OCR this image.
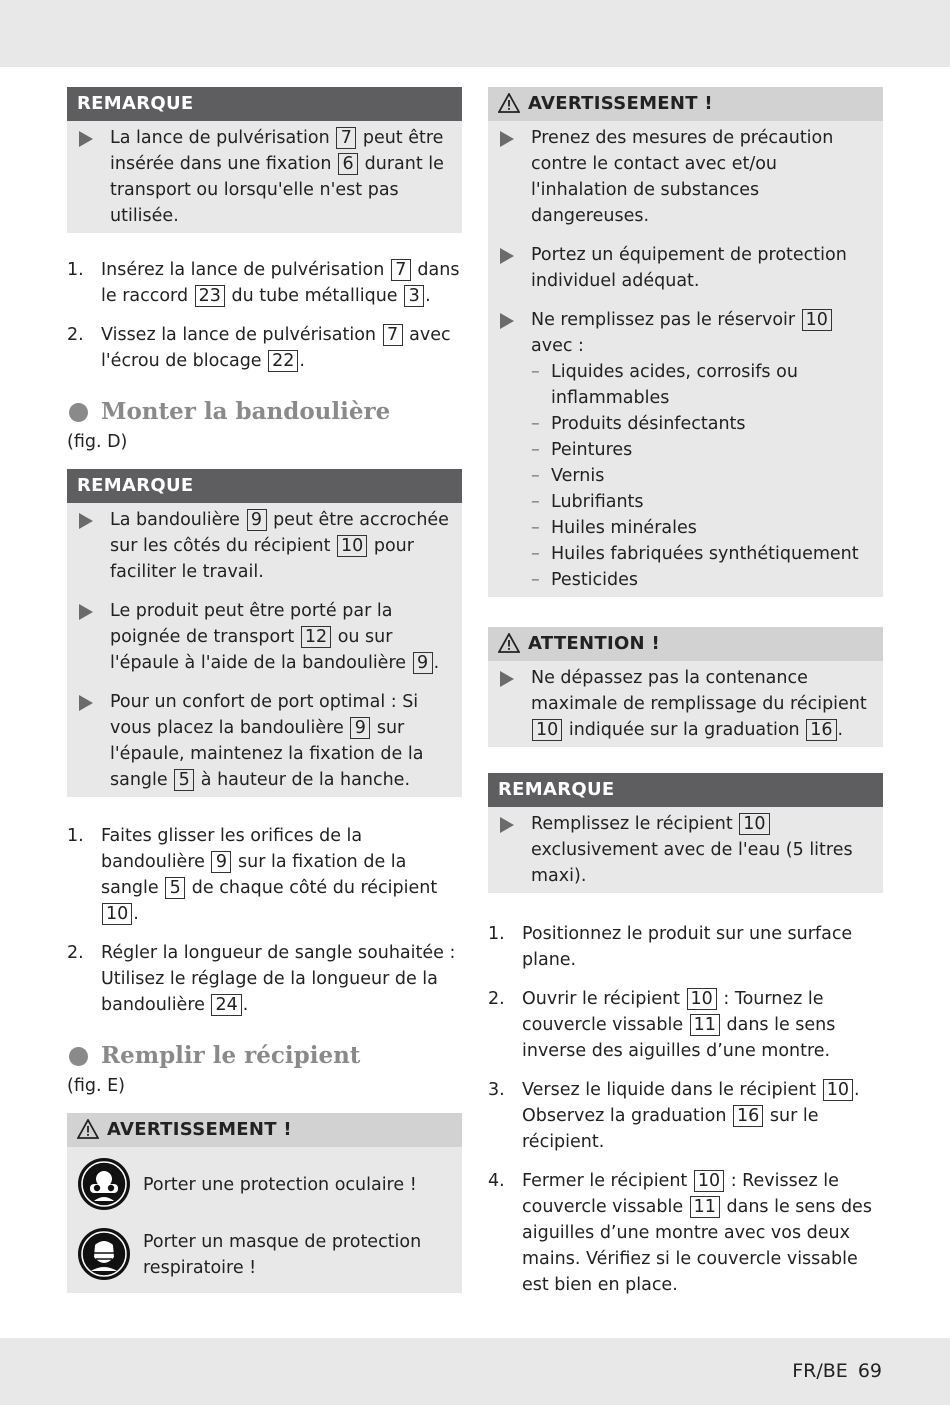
REMARQUE

La lance de pulvérisation 7 peut être insérée dans une fixation 6 durant le transport ou lorsqu'elle n'est pas utilisée.

1. Insérez la lance de pulvérisation 7 dans le raccord 23 du tube métallique 3 .

2. Vissez la lance de pulvérisation 7 avec l'écrou de blocage 22 .

Monter la bandoulière

(fig. D)

REMARQUE

La bandoulière 9 peut être accrochée sur les côtés du récipient 10 pour faciliter le travail.

Le produit peut être porté par la poignée de transport 12 ou sur l'épaule à l'aide de la bandoulière 9 .

Pour un confort de port optimal : Si vous placez la bandoulière 9 sur l'épaule, maintenez la fixation de la sangle 5 à hauteur de la hanche.

1. Faites glisser les orifices de la bandoulière 9 sur la fixation de la sangle 5 de chaque côté du récipient 10 .

2. Régler la longueur de sangle souhaitée : Utilisez le réglage de la longueur de la bandoulière 24 .

Remplir le récipient

(fig. E)

AVERTISSEMENT !
Porter une protection oculaire !
Porter un masque de protection respiratoire !
AVERTISSEMENT !

Prenez des mesures de précaution contre le contact avec et/ou l'inhalation de substances dangereuses.

Portez un équipement de protection individuel adéquat.

Ne remplissez pas le réservoir 10 avec :

– Liquides acides, corrosifs ou inflammables

– Produits désinfectants

– Peintures

– Vernis

– Lubrifiants

– Huiles minérales

– Huiles fabriquées synthétiquement

– Pesticides

ATTENTION !

Ne dépassez pas la contenance maximale de remplissage du récipient 10 indiquée sur la graduation 16 .

REMARQUE

Remplissez le récipient 10 exclusivement avec de l'eau (5 litres maxi).

1. Positionnez le produit sur une surface plane.

2. Ouvrir le récipient 10 : Tournez le couvercle vissable 11 dans le sens inverse des aiguilles d’une montre.

3. Versez le liquide dans le récipient 10 . Observez la graduation 16 sur le récipient.

4. Fermer le récipient 10 : Revissez le couvercle vissable 11 dans le sens des aiguilles d’une montre avec vos deux mains. Vérifiez si le couvercle vissable est bien en place.

FR/BE 69
